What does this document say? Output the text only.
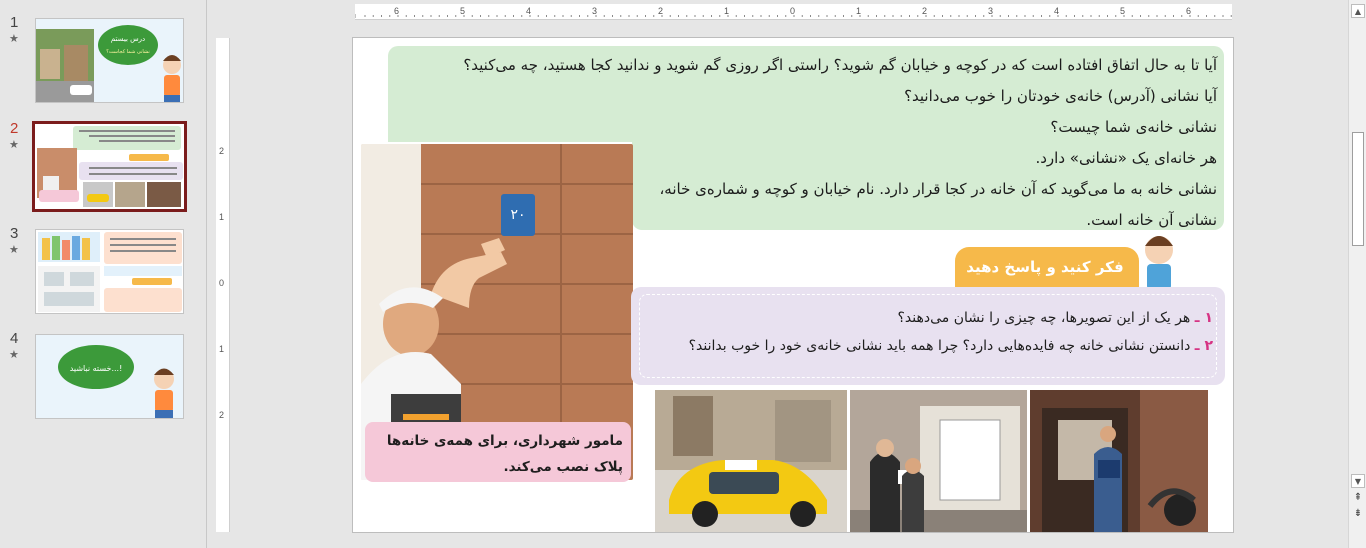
1
★	درس بیستم
نشانی شما کجاست؟
2
★
3
★
4
★
خسته نباشید...!
6	5	4	3	2	1	0	1	2	3	4	5	6
2
1
0
1
2

آیا تا به حال اتفاق افتاده است که در کوچه و خیابان گم شوید؟ راستی اگر روزی گم شوید و ندانید کجا هستید، چه می‌کنید؟

آیا نشانی (آدرس) خانه‌ی خودتان را خوب می‌دانید؟

نشانی خانه‌ی شما چیست؟

هر خانه‌ای یک «نشانی» دارد.

نشانی خانه به ما می‌گوید که آن خانه در کجا قرار دارد. نام خیابان و کوچه و شماره‌ی خانه، نشانی آن خانه است.

۲۰
مامور شهرداری، برای همه‌ی خانه‌ها پلاک نصب می‌کند.
فکر کنید و پاسخ دهید

۱ ـ هر یک از این تصویرها، چه چیزی را نشان می‌دهند؟

۲ ـ دانستن نشانی خانه چه فایده‌هایی دارد؟ چرا همه باید نشانی خانه‌ی خود را خوب بدانند؟

▲
▼
⇞
⇟
